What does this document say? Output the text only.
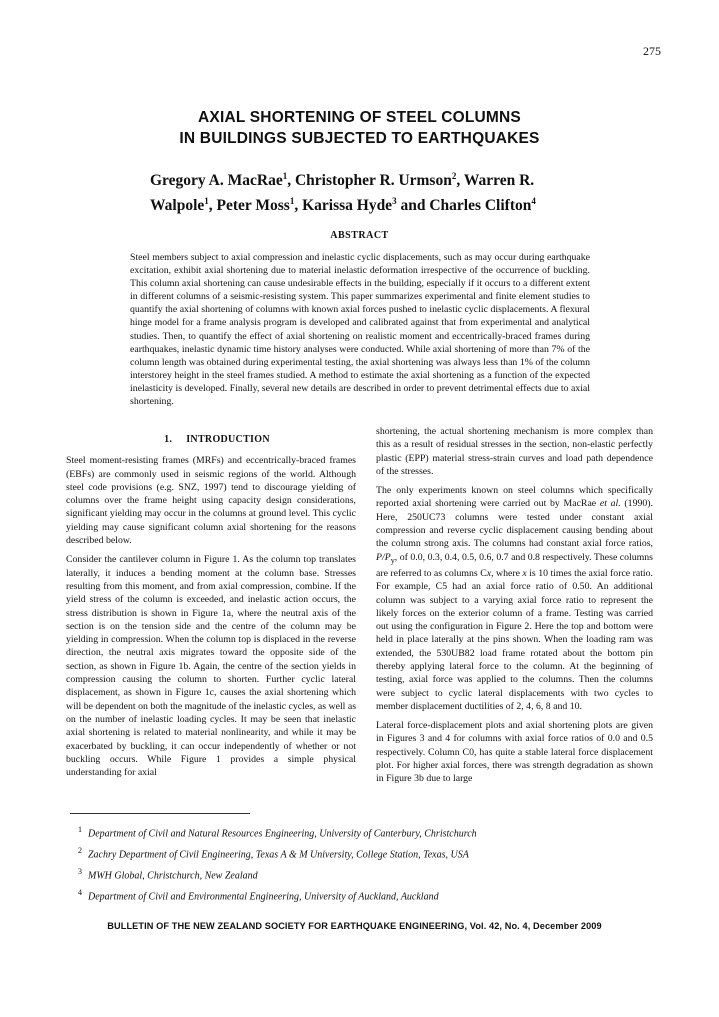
275
AXIAL SHORTENING OF STEEL COLUMNS
IN BUILDINGS SUBJECTED TO EARTHQUAKES
Gregory A. MacRae$^1$, Christopher R. Urmson$^2$, Warren R. Walpole$^1$, Peter Moss$^1$, Karissa Hyde$^3$ and Charles Clifton$^4$
ABSTRACT
Steel members subject to axial compression and inelastic cyclic displacements, such as may occur during earthquake excitation, exhibit axial shortening due to material inelastic deformation irrespective of the occurrence of buckling. This column axial shortening can cause undesirable effects in the building, especially if it occurs to a different extent in different columns of a seismic-resisting system. This paper summarizes experimental and finite element studies to quantify the axial shortening of columns with known axial forces pushed to inelastic cyclic displacements. A flexural hinge model for a frame analysis program is developed and calibrated against that from experimental and analytical studies. Then, to quantify the effect of axial shortening on realistic moment and eccentrically-braced frames during earthquakes, inelastic dynamic time history analyses were conducted. While axial shortening of more than 7% of the column length was obtained during experimental testing, the axial shortening was always less than 1% of the column interstorey height in the steel frames studied. A method to estimate the axial shortening as a function of the expected inelasticity is developed. Finally, several new details are described in order to prevent detrimental effects due to axial shortening.
1. INTRODUCTION

Steel moment-resisting frames (MRFs) and eccentrically-braced frames (EBFs) are commonly used in seismic regions of the world. Although steel code provisions (e.g. SNZ, 1997) tend to discourage yielding of columns over the frame height using capacity design considerations, significant yielding may occur in the columns at ground level. This cyclic yielding may cause significant column axial shortening for the reasons described below.

Consider the cantilever column in Figure 1. As the column top translates laterally, it induces a bending moment at the column base. Stresses resulting from this moment, and from axial compression, combine. If the yield stress of the column is exceeded, and inelastic action occurs, the stress distribution is shown in Figure 1a, where the neutral axis of the section is on the tension side and the centre of the column may be yielding in compression. When the column top is displaced in the reverse direction, the neutral axis migrates toward the opposite side of the section, as shown in Figure 1b. Again, the centre of the section yields in compression causing the column to shorten. Further cyclic lateral displacement, as shown in Figure 1c, causes the axial shortening which will be dependent on both the magnitude of the inelastic cycles, as well as on the number of inelastic loading cycles. It may be seen that inelastic axial shortening is related to material nonlinearity, and while it may be exacerbated by buckling, it can occur independently of whether or not buckling occurs. While Figure 1 provides a simple physical understanding for axial

shortening, the actual shortening mechanism is more complex than this as a result of residual stresses in the section, non-elastic perfectly plastic (EPP) material stress-strain curves and load path dependence of the stresses.

The only experiments known on steel columns which specifically reported axial shortening were carried out by MacRae et al. (1990). Here, 250UC73 columns were tested under constant axial compression and reverse cyclic displacement causing bending about the column strong axis. The columns had constant axial force ratios, $P/P_y$, of 0.0, 0.3, 0.4, 0.5, 0.6, 0.7 and 0.8 respectively. These columns are referred to as columns Cx, where x is 10 times the axial force ratio. For example, C5 had an axial force ratio of 0.50. An additional column was subject to a varying axial force ratio to represent the likely forces on the exterior column of a frame. Testing was carried out using the configuration in Figure 2. Here the top and bottom were held in place laterally at the pins shown. When the loading ram was extended, the 530UB82 load frame rotated about the bottom pin thereby applying lateral force to the column. At the beginning of testing, axial force was applied to the columns. Then the columns were subject to cyclic lateral displacements with two cycles to member displacement ductilities of 2, 4, 6, 8 and 10.

Lateral force-displacement plots and axial shortening plots are given in Figures 3 and 4 for columns with axial force ratios of 0.0 and 0.5 respectively. Column C0, has quite a stable lateral force displacement plot. For higher axial forces, there was strength degradation as shown in Figure 3b due to large

$^1$ Department of Civil and Natural Resources Engineering, University of Canterbury, Christchurch
$^2$ Zachry Department of Civil Engineering, Texas A & M University, College Station, Texas, USA
$^3$ MWH Global, Christchurch, New Zealand
$^4$ Department of Civil and Environmental Engineering, University of Auckland, Auckland
BULLETIN OF THE NEW ZEALAND SOCIETY FOR EARTHQUAKE ENGINEERING, Vol. 42, No. 4, December 2009
